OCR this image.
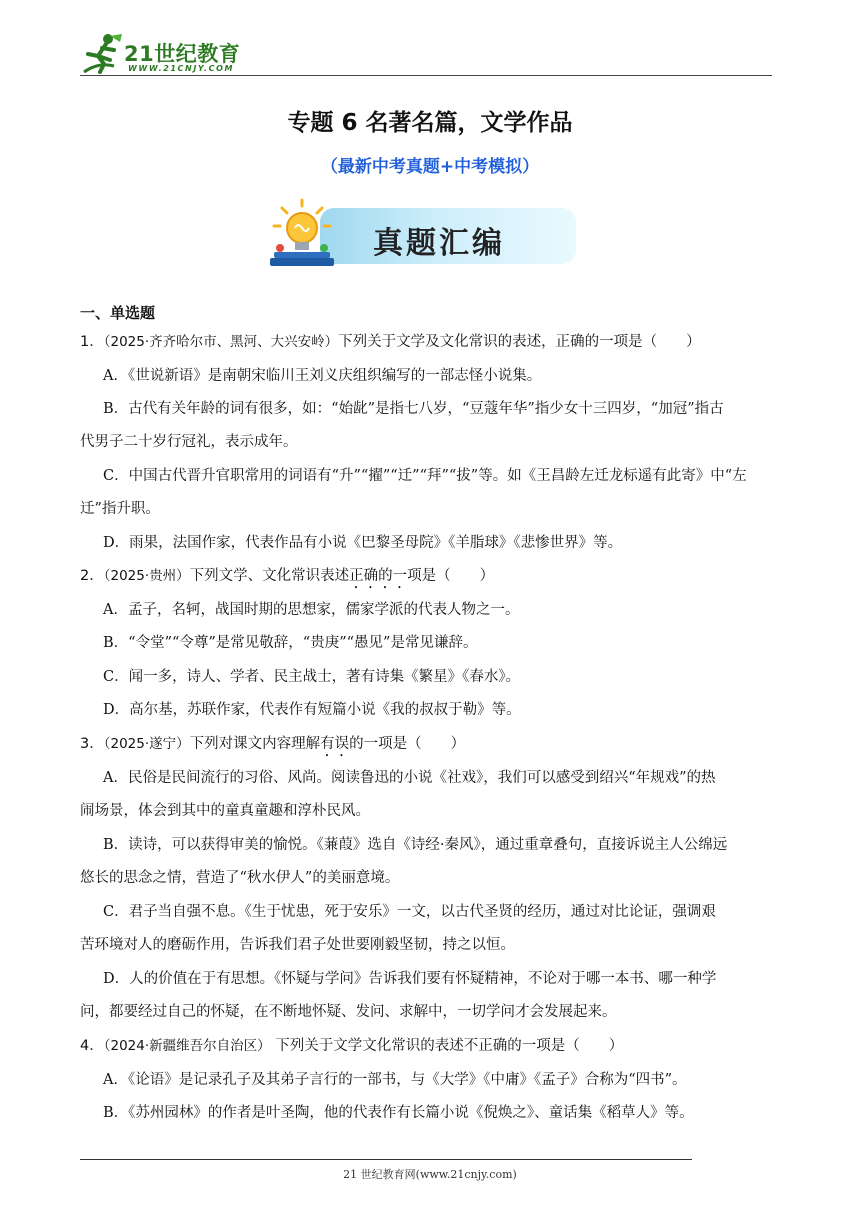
21世纪教育
WWW.21CNJY.COM
专题 6 名著名篇，文学作品
（最新中考真题+中考模拟）
真题汇编
一、单选题
1．（2025·齐齐哈尔市、黑河、大兴安岭）下列关于文学及文化常识的表述，正确的一项是（　　）
A．《世说新语》是南朝宋临川王刘义庆组织编写的一部志怪小说集。
B．古代有关年龄的词有很多，如：“始龀”是指七八岁，“豆蔻年华”指少女十三四岁，“加冠”指古
代男子二十岁行冠礼，表示成年。
C．中国古代晋升官职常用的词语有“升”“擢”“迁”“拜”“拔”等。如《王昌龄左迁龙标遥有此寄》中“左
迁”指升职。
D．雨果，法国作家，代表作品有小说《巴黎圣母院》《羊脂球》《悲惨世界》等。
2．（2025·贵州）下列文学、文化常识表述正确的一项是（　　）
A．孟子，名轲，战国时期的思想家，儒家学派的代表人物之一。
B．“令堂”“令尊”是常见敬辞，“贵庚”“愚见”是常见谦辞。
C．闻一多，诗人、学者、民主战士，著有诗集《繁星》《春水》。
D．高尔基，苏联作家，代表作有短篇小说《我的叔叔于勒》等。
3．（2025·遂宁）下列对课文内容理解有误的一项是（　　）
A．民俗是民间流行的习俗、风尚。阅读鲁迅的小说《社戏》，我们可以感受到绍兴“年规戏”的热
闹场景，体会到其中的童真童趣和淳朴民风。
B．读诗，可以获得审美的愉悦。《蒹葭》选自《诗经·秦风》，通过重章叠句，直接诉说主人公绵远
悠长的思念之情，营造了“秋水伊人”的美丽意境。
C．君子当自强不息。《生于忧患，死于安乐》一文，以古代圣贤的经历，通过对比论证，强调艰
苦环境对人的磨砺作用，告诉我们君子处世要刚毅坚韧，持之以恒。
D．人的价值在于有思想。《怀疑与学问》告诉我们要有怀疑精神，不论对于哪一本书、哪一种学
问，都要经过自己的怀疑，在不断地怀疑、发问、求解中，一切学问才会发展起来。
4．（2024·新疆维吾尔自治区） 下列关于文学文化常识的表述不正确的一项是（　　）
A．《论语》是记录孔子及其弟子言行的一部书，与《大学》《中庸》《孟子》合称为“四书”。
B．《苏州园林》的作者是叶圣陶，他的代表作有长篇小说《倪焕之》、童话集《稻草人》等。
21 世纪教育网(www.21cnjy.com)
